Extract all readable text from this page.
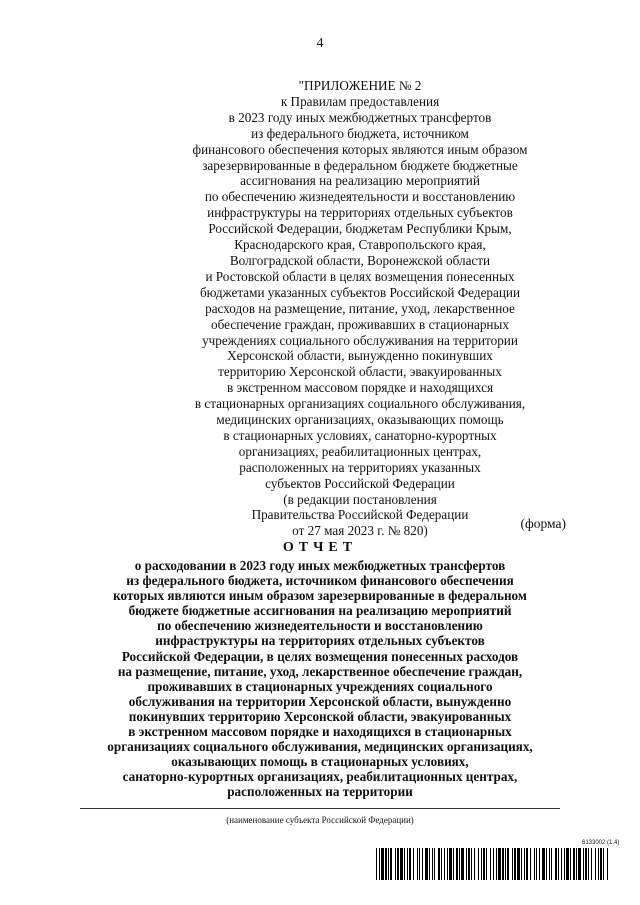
4
"ПРИЛОЖЕНИЕ № 2
к Правилам предоставления
в 2023 году иных межбюджетных трансфертов
из федерального бюджета, источником
финансового обеспечения которых являются иным образом
зарезервированные в федеральном бюджете бюджетные
ассигнования на реализацию мероприятий
по обеспечению жизнедеятельности и восстановлению
инфраструктуры на территориях отдельных субъектов
Российской Федерации, бюджетам Республики Крым,
Краснодарского края, Ставропольского края,
Волгоградской области, Воронежской области
и Ростовской области в целях возмещения понесенных
бюджетами указанных субъектов Российской Федерации
расходов на размещение, питание, уход, лекарственное
обеспечение граждан, проживавших в стационарных
учреждениях социального обслуживания на территории
Херсонской области, вынужденно покинувших
территорию Херсонской области, эвакуированных
в экстренном массовом порядке и находящихся
в стационарных организациях социального обслуживания,
медицинских организациях, оказывающих помощь
в стационарных условиях, санаторно-курортных
организациях, реабилитационных центрах,
расположенных на территориях указанных
субъектов Российской Федерации
(в редакции постановления
Правительства Российской Федерации
от 27 мая 2023 г. № 820)	(форма)
ОТЧЕТ
о расходовании в 2023 году иных межбюджетных трансфертов
из федерального бюджета, источником финансового обеспечения
которых являются иным образом зарезервированные в федеральном
бюджете бюджетные ассигнования на реализацию мероприятий
по обеспечению жизнедеятельности и восстановлению
инфраструктуры на территориях отдельных субъектов
Российской Федерации, в целях возмещения понесенных расходов
на размещение, питание, уход, лекарственное обеспечение граждан,
проживавших в стационарных учреждениях социального
обслуживания на территории Херсонской области, вынужденно
покинувших территорию Херсонской области, эвакуированных
в экстренном массовом порядке и находящихся в стационарных
организациях социального обслуживания, медицинских организациях,
оказывающих помощь в стационарных условиях,
санаторно-курортных организациях, реабилитационных центрах,
расположенных на территории
(наименование субъекта Российской Федерации)
6133002 (1.4)
